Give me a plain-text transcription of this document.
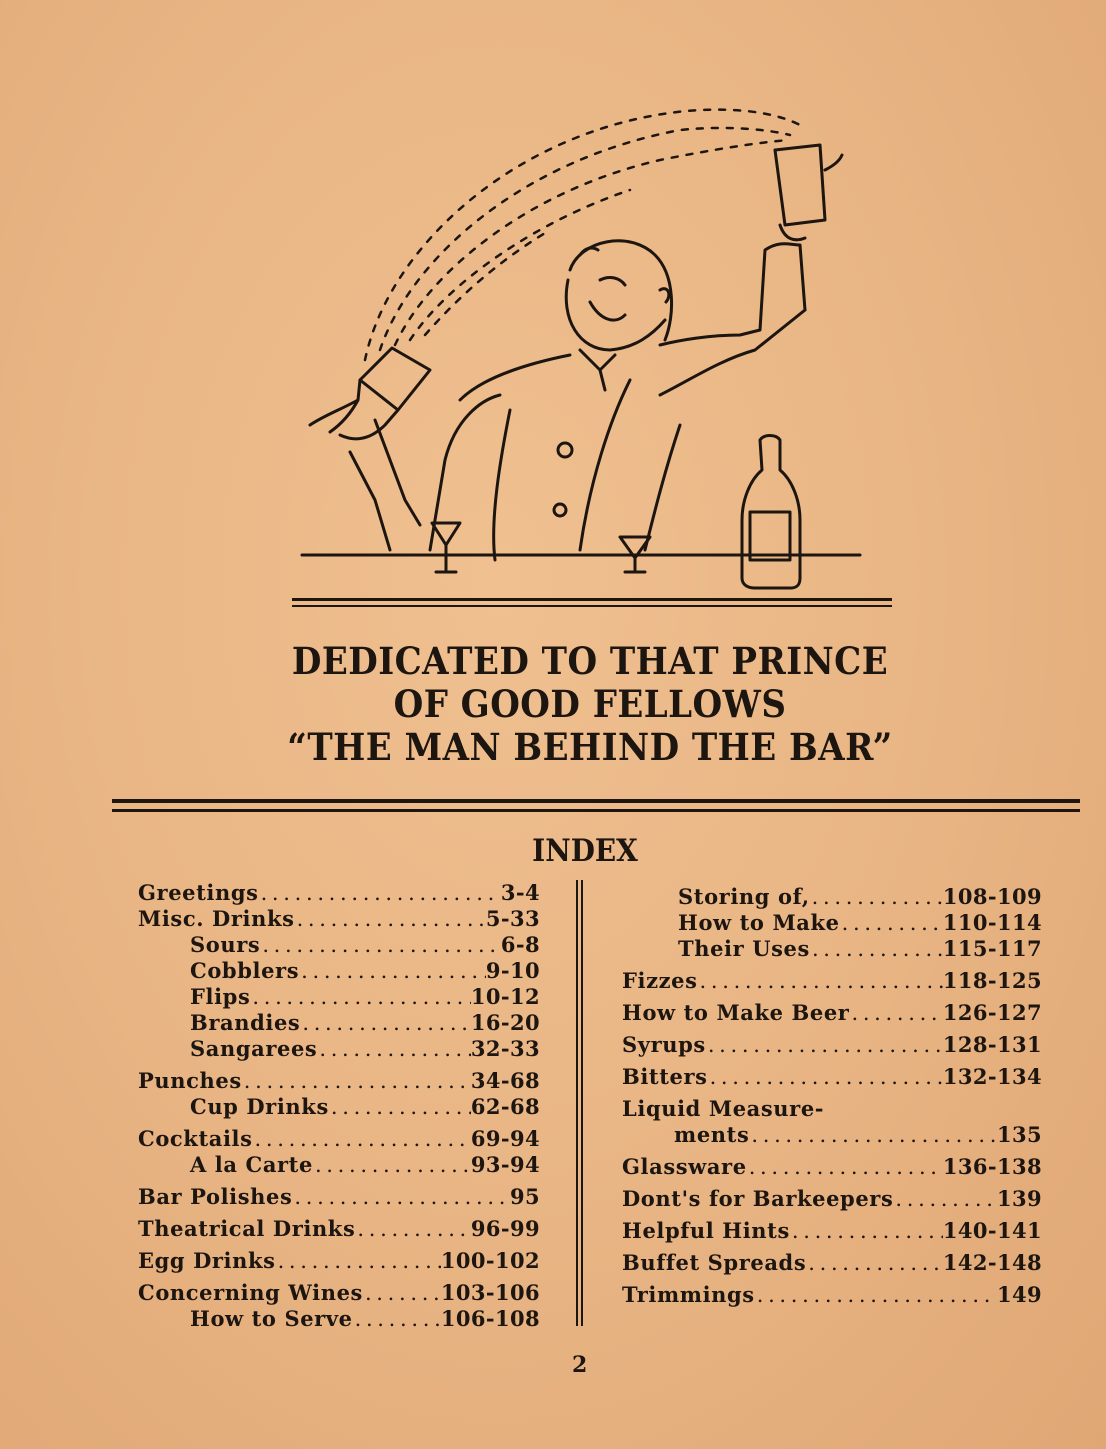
DEDICATED TO THAT PRINCE
OF GOOD FELLOWS
“THE MAN BEHIND THE BAR”
INDEX
Greetings . . .	3-4
Misc. Drinks . . .	5-33
Sours . . .	6-8
Cobblers . . .	9-10
Flips . . .	10-12
Brandies . . .	16-20
Sangarees . . .	32-33
Punches . . .	34-68
Cup Drinks . . .	62-68
Cocktails . . .	69-94
A la Carte . . .	93-94
Bar Polishes . . .	95
Theatrical Drinks . . .	96-99
Egg Drinks . . .	100-102
Concerning Wines . . .	103-106
How to Serve . . .	106-108
Storing of, . . .	108-109
How to Make . . .	110-114
Their Uses . . .	115-117
Fizzes . . .	118-125
How to Make Beer . . .	126-127
Syrups . . .	128-131
Bitters . . .	132-134
Liquid Measure-
ments . . .	135
Glassware . . .	136-138
Dont's for Barkeepers . . .	139
Helpful Hints . . .	140-141
Buffet Spreads . . .	142-148
Trimmings . . .	149
2
